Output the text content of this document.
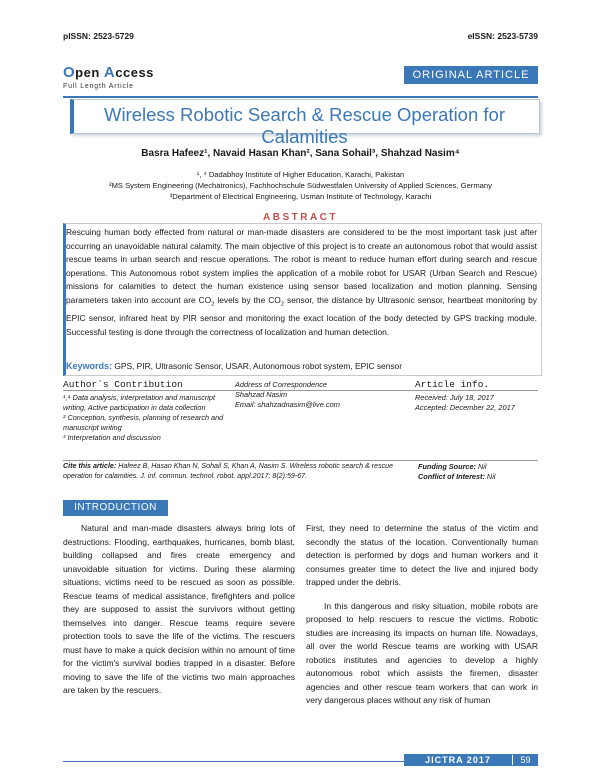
pISSN: 2523-5729	eISSN: 2523-5739
Open Access
Full Length Article
ORIGINAL ARTICLE
Wireless Robotic Search & Rescue Operation for Calamities
Basra Hafeez¹, Navaid Hasan Khan², Sana Sohail³, Shahzad Nasim⁴
¹, ⁴ Dadabhoy Institute of Higher Education, Karachi, Pakistan
²MS System Engineering (Mechatronics), Fachhochschule Südwestfalen University of Applied Sciences, Germany
³Department of Electrical Engineering, Usman Institute of Technology, Karachi
ABSTRACT
Rescuing human body effected from natural or man-made disasters are considered to be the most important task just after occurring an unavoidable natural calamity. The main objective of this project is to create an autonomous robot that would assist rescue teams in urban search and rescue operations. The robot is meant to reduce human effort during search and rescue operations. This Autonomous robot system implies the application of a mobile robot for USAR (Urban Search and Rescue) missions for calamities to detect the human existence using sensor based localization and motion planning. Sensing parameters taken into account are $CO_2$ levels by the $CO_2$ sensor, the distance by Ultrasonic sensor, heartbeat monitoring by EPIC sensor, infrared heat by PIR sensor and monitoring the exact location of the body detected by GPS tracking module. Successful testing is done through the correctness of localization and human detection.
Keywords: GPS, PIR, Ultrasonic Sensor, USAR, Autonomous robot system, EPIC sensor
Author`s Contribution	Article info.

¹,⁴ Data analysis, interpretation and manuscript writing, Active participation in data collection

² Conception, synthesis, planning of research and manuscript writing

³ Interpretation and discussion

Address of Correspondence
Shahzad Nasim
Email: shahzadnasim@live.com
Received: July 18, 2017
Accepted: December 22, 2017
Cite this article: Hafeez B, Hasan Khan N, Sohail S, Khan A, Nasim S. Wireless robotic search & rescue operation for calamities. J. inf. commun. technol. robot. appl.2017; 8(2):59-67.
Funding Source: Nil
Conflict of Interest: Nil
INTRODUCTION

Natural and man-made disasters always bring lots of destructions. Flooding, earthquakes, hurricanes, bomb blast, building collapsed and fires create emergency and unavoidable situation for victims. During these alarming situations, victims need to be rescued as soon as possible. Rescue teams of medical assistance, firefighters and police they are supposed to assist the survivors without getting themselves into danger. Rescue teams require severe protection tools to save the life of the victims. The rescuers must have to make a quick decision within no amount of time for the victim's survival bodies trapped in a disaster. Before moving to save the life of the victims two main approaches are taken by the rescuers.

First, they need to determine the status of the victim and secondly the status of the location. Conventionally human detection is performed by dogs and human workers and it consumes greater time to detect the live and injured body trapped under the debris.

In this dangerous and risky situation, mobile robots are proposed to help rescuers to rescue the victims. Robotic studies are increasing its impacts on human life. Nowadays, all over the world Rescue teams are working with USAR robotics institutes and agencies to develop a highly autonomous robot which assists the firemen, disaster agencies and other rescue team workers that can work in very dangerous places without any risk of human

JICTRA 2017	59
